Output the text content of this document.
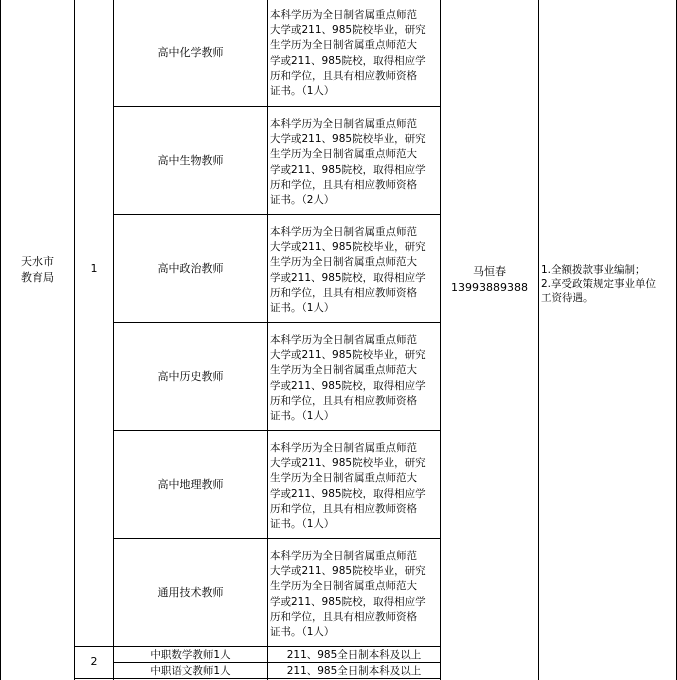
天水市
教育局
1
2
高中化学教师
高中生物教师
高中政治教师
高中历史教师
高中地理教师
通用技术教师
本科学历为全日制省属重点师范
大学或211、985院校毕业，研究
生学历为全日制省属重点师范大
学或211、985院校，取得相应学
历和学位，且具有相应教师资格
证书。（1人）
本科学历为全日制省属重点师范
大学或211、985院校毕业，研究
生学历为全日制省属重点师范大
学或211、985院校，取得相应学
历和学位，且具有相应教师资格
证书。（2人）
本科学历为全日制省属重点师范
大学或211、985院校毕业，研究
生学历为全日制省属重点师范大
学或211、985院校，取得相应学
历和学位，且具有相应教师资格
证书。（1人）
本科学历为全日制省属重点师范
大学或211、985院校毕业，研究
生学历为全日制省属重点师范大
学或211、985院校，取得相应学
历和学位，且具有相应教师资格
证书。（1人）
本科学历为全日制省属重点师范
大学或211、985院校毕业，研究
生学历为全日制省属重点师范大
学或211、985院校，取得相应学
历和学位，且具有相应教师资格
证书。（1人）
本科学历为全日制省属重点师范
大学或211、985院校毕业，研究
生学历为全日制省属重点师范大
学或211、985院校，取得相应学
历和学位，且具有相应教师资格
证书。（1人）
中职数学教师1人	211、985全日制本科及以上
中职语文教师1人	211、985全日制本科及以上
马恒春
13993889388
1.全额拨款事业编制；
2.享受政策规定事业单位
工资待遇。
